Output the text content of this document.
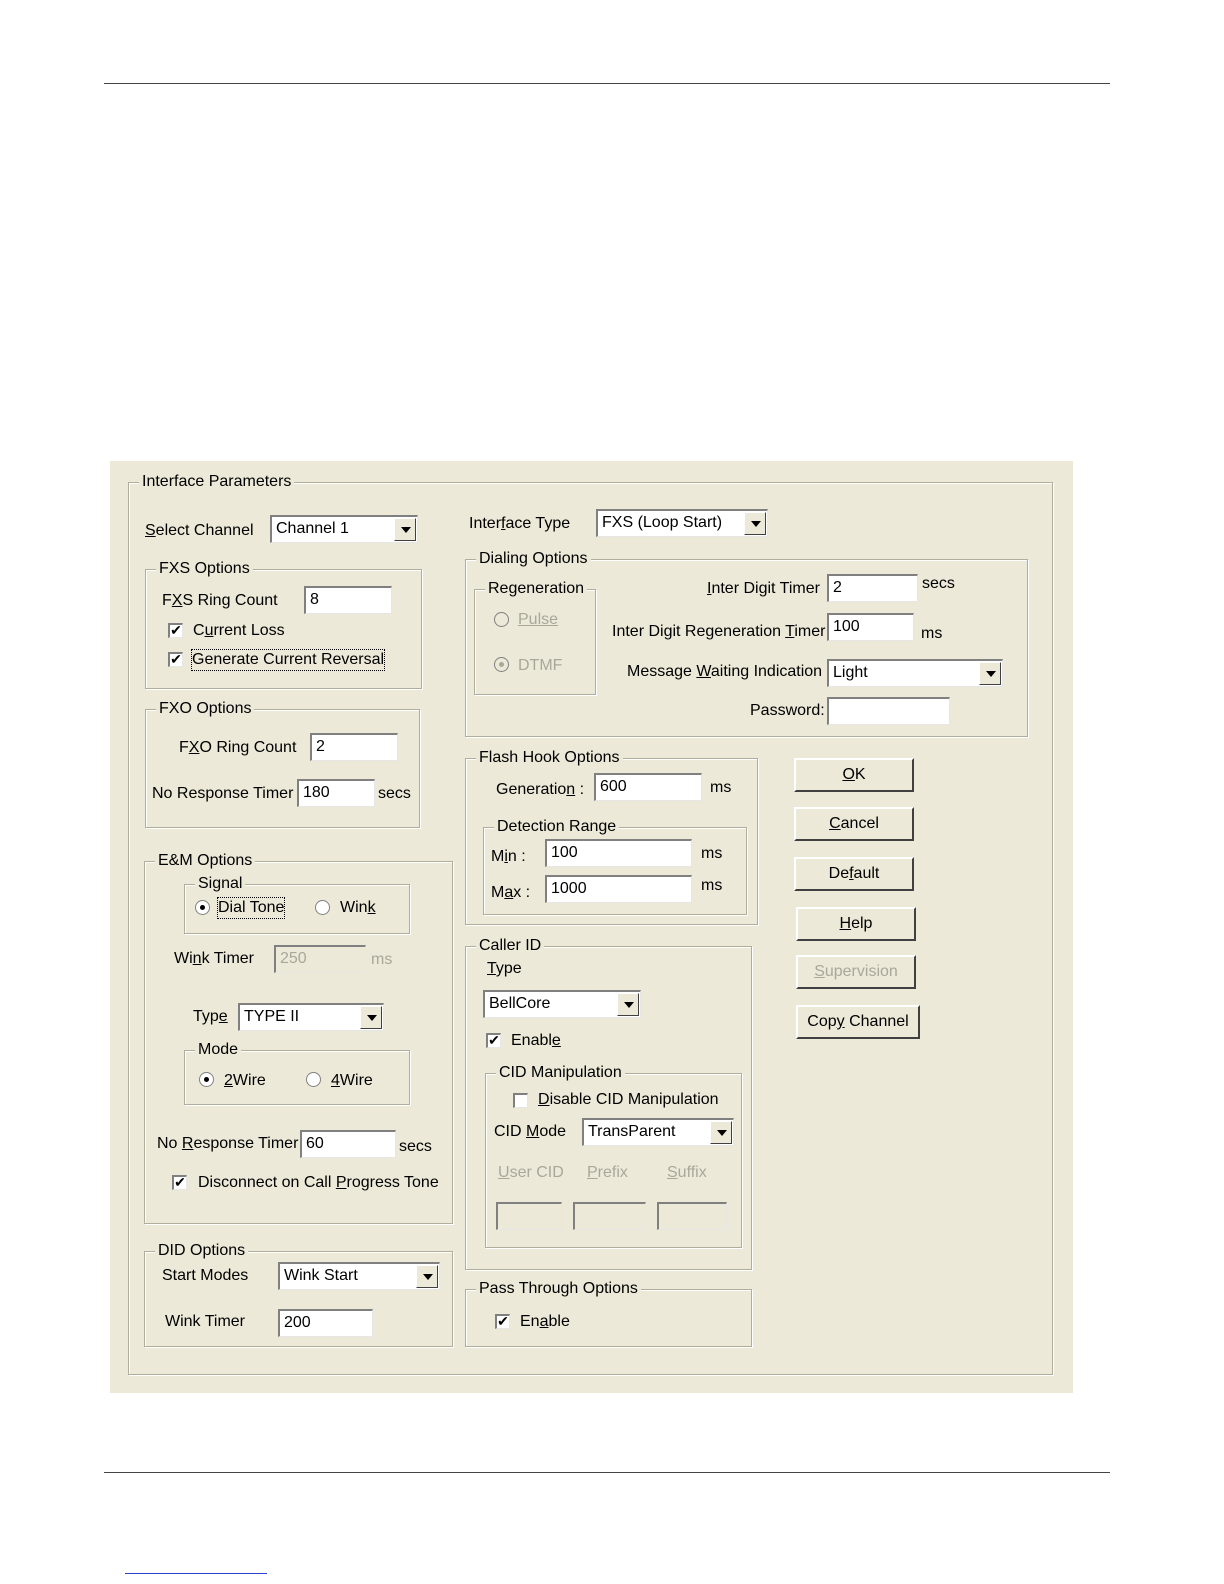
Interface Parameters
Select Channel	Channel 1	Interface Type	FXS (Loop Start)
FXS Options
FXS Ring Count	8
✔ Current Loss
✔ Generate Current Reversal
FXO Options
FXO Ring Count	2
No Response Timer 180	secs
E&M Options
Signal
Dial Tone	Wink
Wink Timer	250	ms
Type	TYPE II
Mode
2Wire	4Wire
No Response Timer 60	secs
✔ Disconnect on Call Progress Tone
DID Options
Start Modes	Wink Start
Wink Timer	200
Dialing Options
Regeneration
Pulse
DTMF
Inter Digit Timer 2	secs
Inter Digit Regeneration Timer 100	ms
Message Waiting Indication Light
Password:
Flash Hook Options
Generation : 600	ms
Detection Range
Min :	100	ms
Max :	1000	ms
Caller ID
Type
BellCore
✔ Enable
CID Manipulation
Disable CID Manipulation
CID Mode	TransParent
User CID Prefix Suffix
Pass Through Options
✔ Enable
OK
Cancel
Default
Help
Supervision
Copy Channel
